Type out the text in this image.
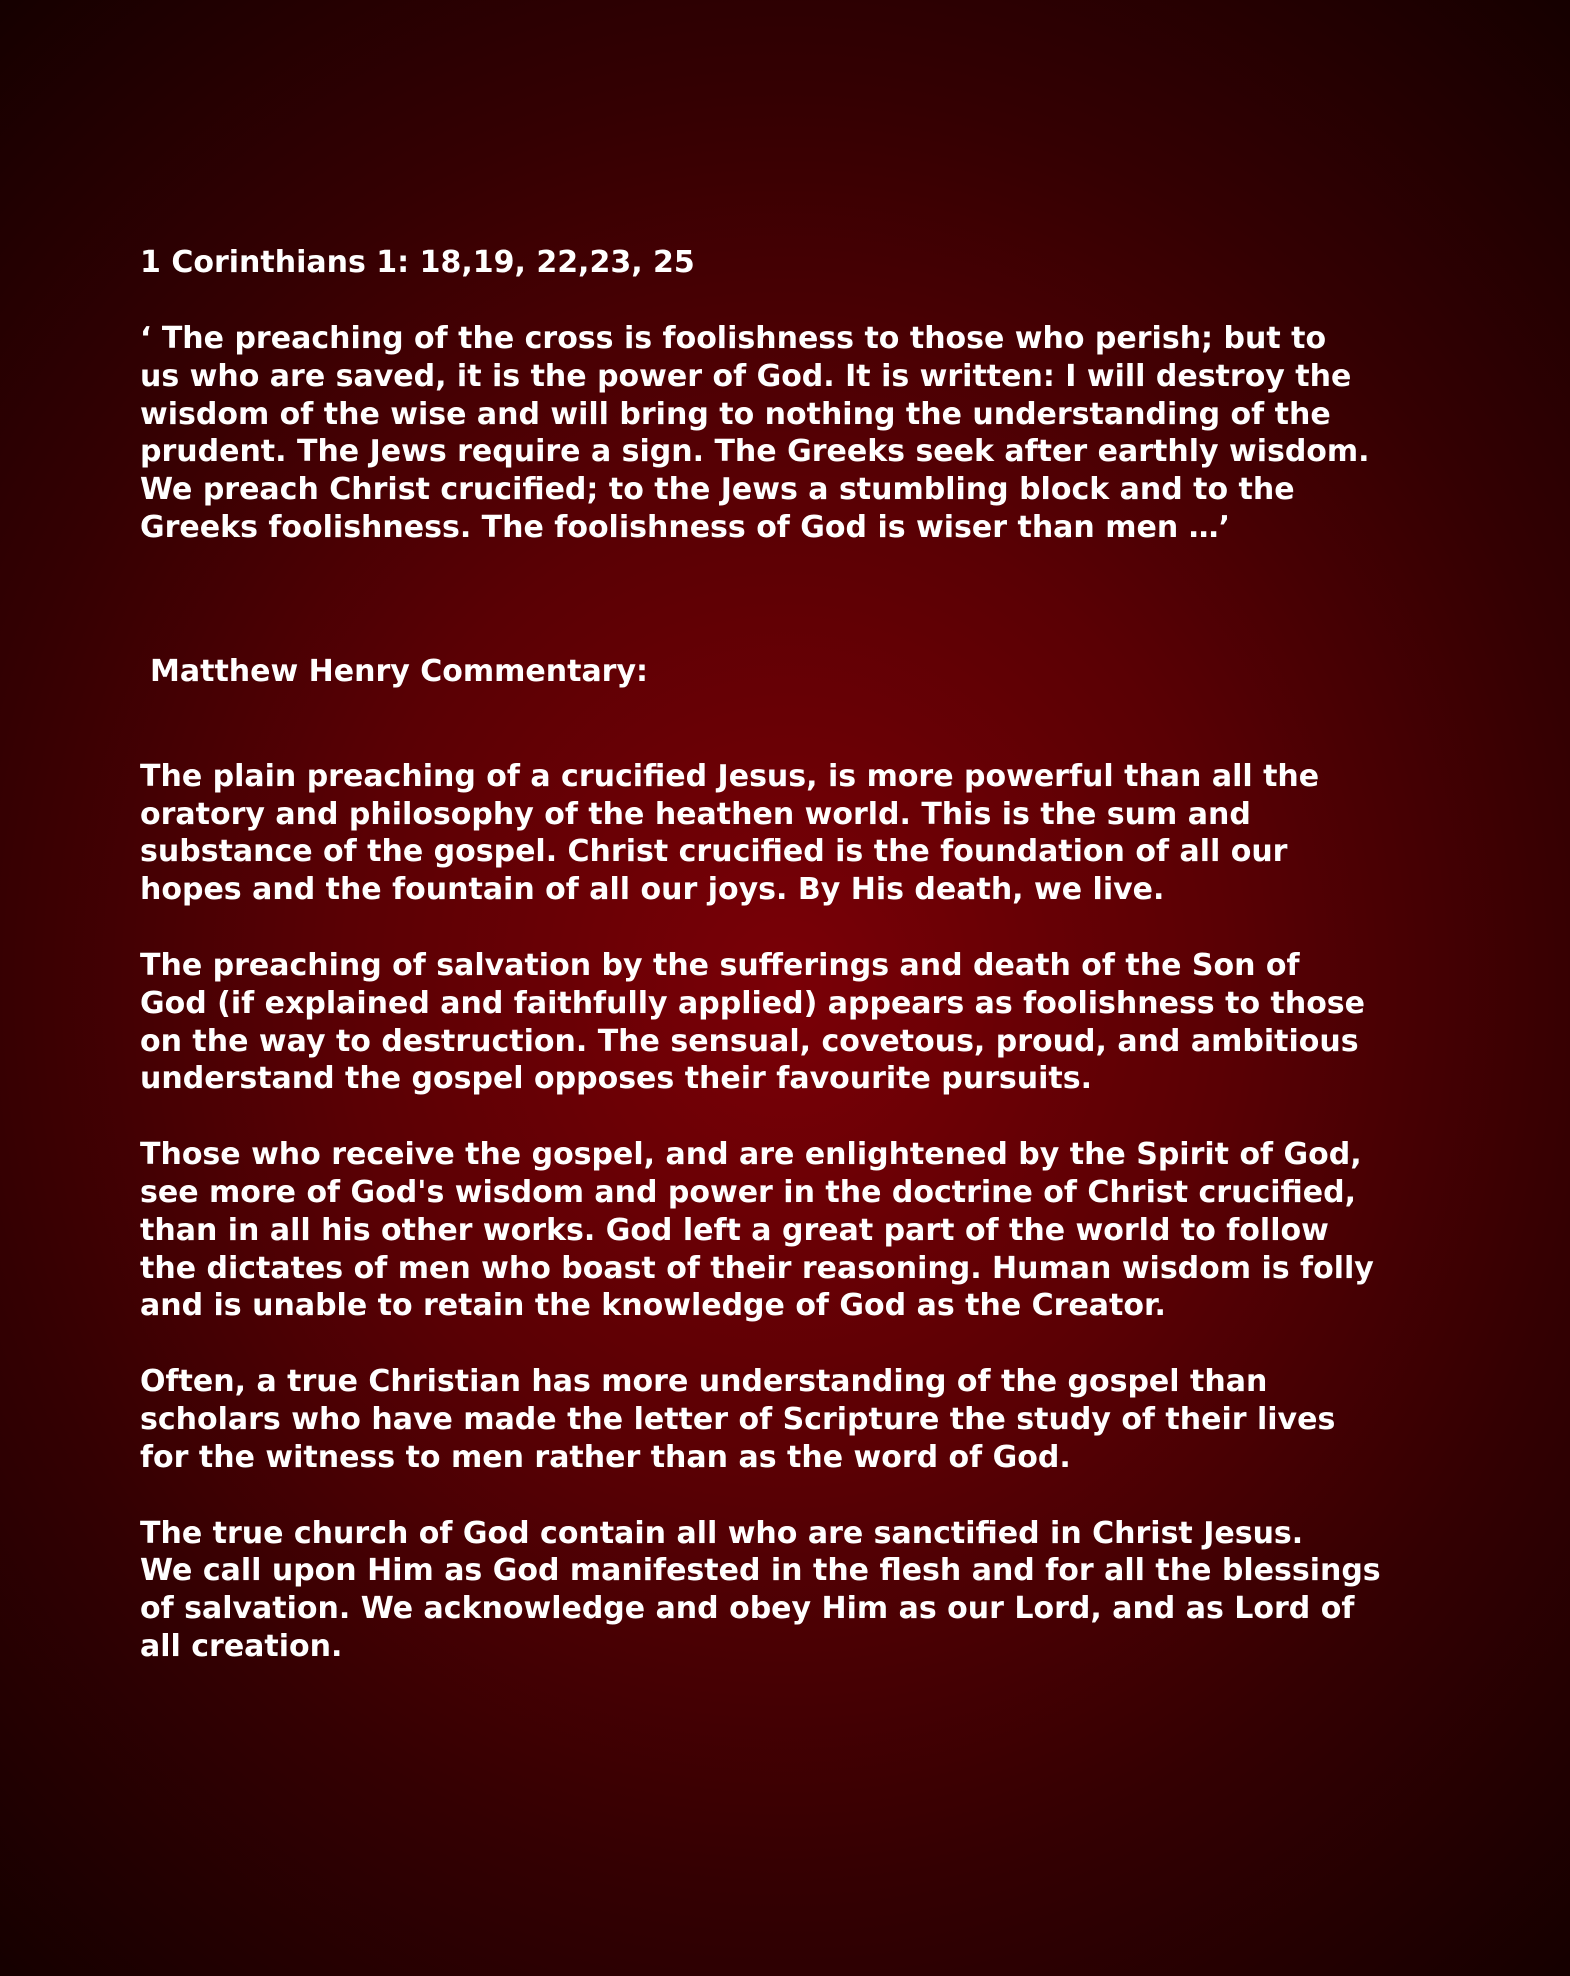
1 Corinthians 1: 18,19, 22,23, 25

‘ The preaching of the cross is foolishness to those who perish; but to
us who are saved, it is the power of God. It is written: I will destroy the
wisdom of the wise and will bring to nothing the understanding of the
prudent. The Jews require a sign. The Greeks seek after earthly wisdom.
We preach Christ crucified; to the Jews a stumbling block and to the
Greeks foolishness. The foolishness of God is wiser than men …’

Matthew Henry Commentary:

The plain preaching of a crucified Jesus, is more powerful than all the
oratory and philosophy of the heathen world. This is the sum and
substance of the gospel. Christ crucified is the foundation of all our
hopes and the fountain of all our joys. By His death, we live.

The preaching of salvation by the sufferings and death of the Son of
God (if explained and faithfully applied) appears as foolishness to those
on the way to destruction. The sensual, covetous, proud, and ambitious
understand the gospel opposes their favourite pursuits.

Those who receive the gospel, and are enlightened by the Spirit of God,
see more of God's wisdom and power in the doctrine of Christ crucified,
than in all his other works. God left a great part of the world to follow
the dictates of men who boast of their reasoning. Human wisdom is folly
and is unable to retain the knowledge of God as the Creator.

Often, a true Christian has more understanding of the gospel than
scholars who have made the letter of Scripture the study of their lives
for the witness to men rather than as the word of God.

The true church of God contain all who are sanctified in Christ Jesus.
We call upon Him as God manifested in the flesh and for all the blessings
of salvation. We acknowledge and obey Him as our Lord, and as Lord of
all creation.
